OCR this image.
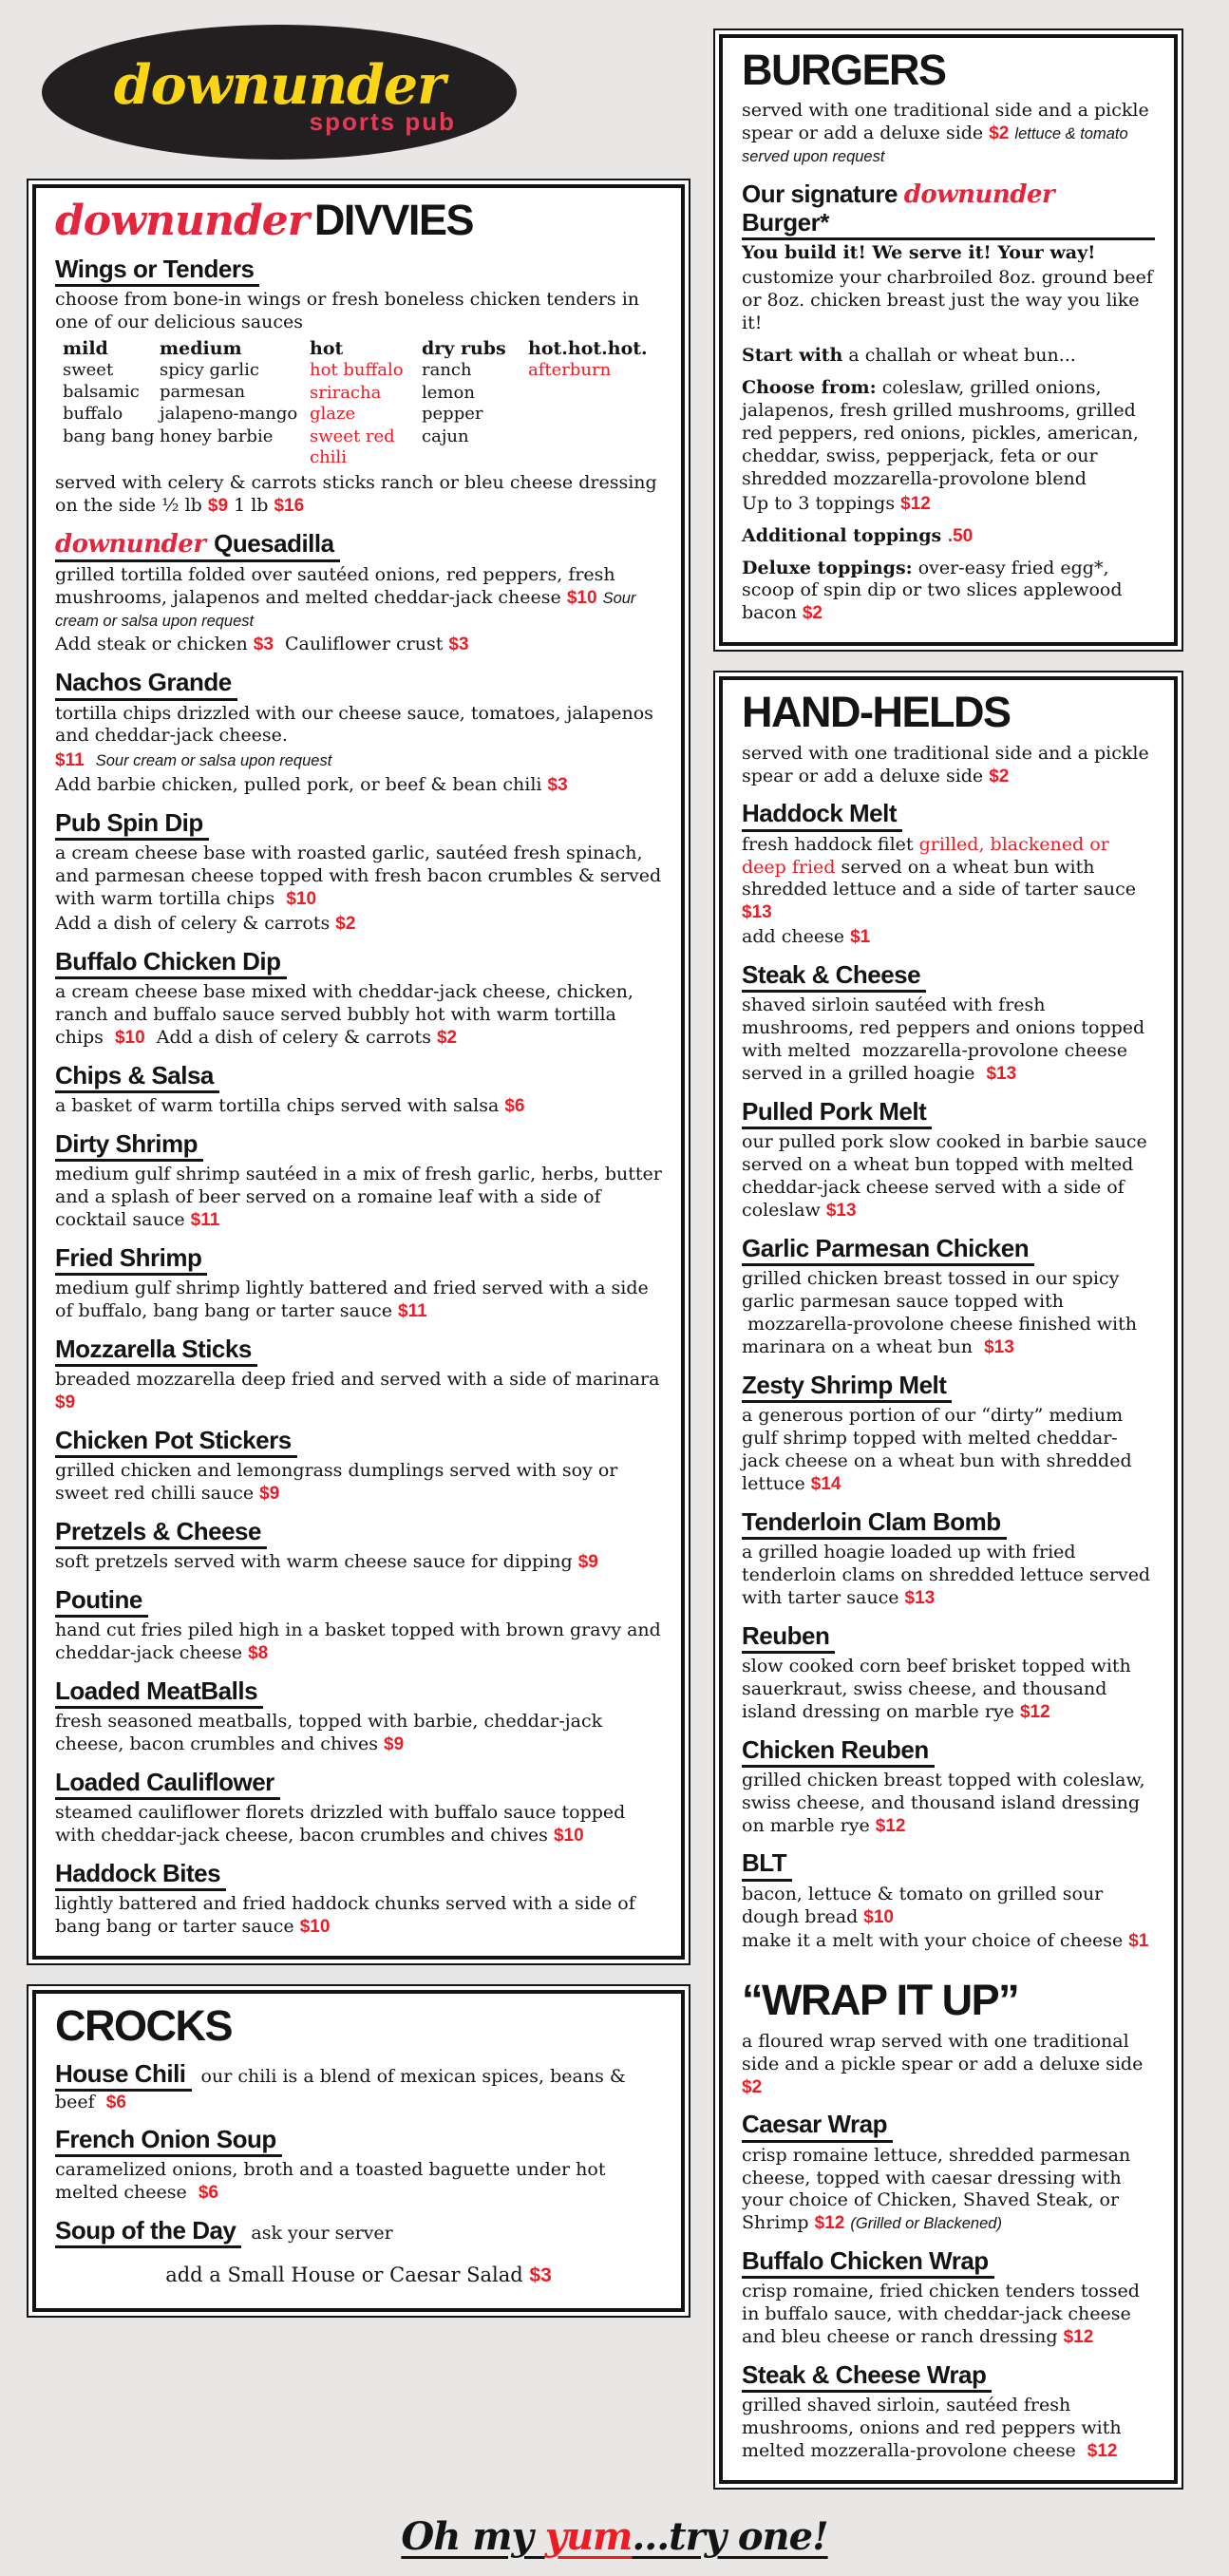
downunder
sports pub
downunder DIVVIES
Wings or Tenders

choose from bone-in wings or fresh boneless chicken tenders in one of our delicious sauces

mild

sweet balsamic

buffalo

bang bang

medium

spicy garlic parmesan

jalapeno-mango

honey barbie

hot

hot buffalo

sriracha glaze

sweet red chili

dry rubs

ranch

lemon pepper

cajun

hot.hot.hot.

afterburn

served with celery & carrots sticks ranch or bleu cheese dressing on the side ½ lb $9 1 lb $16

downunder Quesadilla

grilled tortilla folded over sautéed onions, red peppers, fresh mushrooms, jalapenos and melted cheddar-jack cheese $10 Sour cream or salsa upon request

Add steak or chicken $3  Cauliflower crust $3

Nachos Grande

tortilla chips drizzled with our cheese sauce, tomatoes, jalapenos and cheddar-jack cheese.

$11 Sour cream or salsa upon request

Add barbie chicken, pulled pork, or beef & bean chili $3

Pub Spin Dip

a cream cheese base with roasted garlic, sautéed fresh spinach, and parmesan cheese topped with fresh bacon crumbles & served with warm tortilla chips  $10

Add a dish of celery & carrots $2

Buffalo Chicken Dip

a cream cheese base mixed with cheddar-jack cheese, chicken, ranch and buffalo sauce served bubbly hot with warm tortilla chips  $10  Add a dish of celery & carrots $2

Chips & Salsa

a basket of warm tortilla chips served with salsa $6

Dirty Shrimp

medium gulf shrimp sautéed in a mix of fresh garlic, herbs, butter and a splash of beer served on a romaine leaf with a side of cocktail sauce $11

Fried Shrimp

medium gulf shrimp lightly battered and fried served with a side of buffalo, bang bang or tarter sauce $11

Mozzarella Sticks

breaded mozzarella deep fried and served with a side of marinara $9

Chicken Pot Stickers

grilled chicken and lemongrass dumplings served with soy or sweet red chilli sauce $9

Pretzels & Cheese

soft pretzels served with warm cheese sauce for dipping $9

Poutine

hand cut fries piled high in a basket topped with brown gravy and cheddar-jack cheese $8

Loaded MeatBalls

fresh seasoned meatballs, topped with barbie, cheddar-jack cheese, bacon crumbles and chives $9

Loaded Cauliflower

steamed cauliflower florets drizzled with buffalo sauce topped with cheddar-jack cheese, bacon crumbles and chives $10

Haddock Bites

lightly battered and fried haddock chunks served with a side of bang bang or tarter sauce $10

CROCKS
House Chili our chili is a blend of mexican spices, beans & beef  $6
French Onion Soup

caramelized onions, broth and a toasted baguette under hot melted cheese  $6

Soup of the Day ask your server

add a Small House or Caesar Salad $3

BURGERS

served with one traditional side and a pickle spear or add a deluxe side $2 lettuce & tomato served upon request

Our signature downunder Burger*

You build it! We serve it! Your way!

customize your charbroiled 8oz. ground beef or 8oz. chicken breast just the way you like it!

Start with a challah or wheat bun...

Choose from: coleslaw, grilled onions, jalapenos, fresh grilled mushrooms, grilled red peppers, red onions, pickles, american, cheddar, swiss, pepperjack, feta or our shredded mozzarella-provolone blend

Up to 3 toppings $12

Additional toppings .50

Deluxe toppings: over-easy fried egg*, scoop of spin dip or two slices applewood bacon $2

HAND-HELDS

served with one traditional side and a pickle spear or add a deluxe side $2

Haddock Melt

fresh haddock filet grilled, blackened or deep fried served on a wheat bun with shredded lettuce and a side of tarter sauce $13

add cheese $1

Steak & Cheese

shaved sirloin sautéed with fresh mushrooms, red peppers and onions topped with melted  mozzarella-provolone cheese served in a grilled hoagie  $13

Pulled Pork Melt

our pulled pork slow cooked in barbie sauce served on a wheat bun topped with melted cheddar-jack cheese served with a side of coleslaw $13

Garlic Parmesan Chicken

grilled chicken breast tossed in our spicy garlic parmesan sauce topped with  mozzarella-provolone cheese finished with marinara on a wheat bun  $13

Zesty Shrimp Melt

a generous portion of our “dirty” medium gulf shrimp topped with melted cheddar-jack cheese on a wheat bun with shredded lettuce $14

Tenderloin Clam Bomb

a grilled hoagie loaded up with fried tenderloin clams on shredded lettuce served with tarter sauce $13

Reuben

slow cooked corn beef brisket topped with sauerkraut, swiss cheese, and thousand island dressing on marble rye $12

Chicken Reuben

grilled chicken breast topped with coleslaw, swiss cheese, and thousand island dressing on marble rye $12

BLT

bacon, lettuce & tomato on grilled sour dough bread $10

make it a melt with your choice of cheese $1

“WRAP IT UP”

a floured wrap served with one traditional side and a pickle spear or add a deluxe side $2

Caesar Wrap

crisp romaine lettuce, shredded parmesan cheese, topped with caesar dressing with your choice of Chicken, Shaved Steak, or Shrimp $12 (Grilled or Blackened)

Buffalo Chicken Wrap

crisp romaine, fried chicken tenders tossed in buffalo sauce, with cheddar-jack cheese and bleu cheese or ranch dressing $12

Steak & Cheese Wrap

grilled shaved sirloin, sautéed fresh mushrooms, onions and red peppers with melted mozzeralla-provolone cheese  $12

Oh my yum...try one!
